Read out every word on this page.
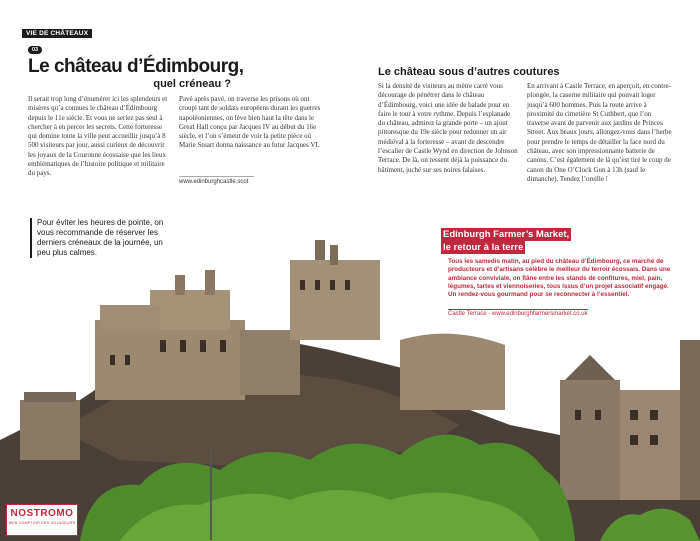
VIE DE CHÂTEAUX
03
Le château d’Édimbourg,
quel créneau ?
Il serait trop long d’énumérer ici les splendeurs et misères qu’a connues le château d’Édimbourg depuis le 11e siècle. Et vous ne seriez pas seul à chercher à en percer les secrets. Cette forteresse qui domine toute la ville peut accueillir jusqu’à 8 500 visiteurs par jour, aussi curieux de découvrir les joyaux de la Couronne écossaise que les lieux emblématiques de l’histoire politique et militaire du pays.
Pavé après pavé, on traverse les prisons où ont croupi tant de soldats européens durant les guerres napoléoniennes, on lève bien haut la tête dans le Great Hall conçu par Jacques IV au début du 16e siècle, et l’on s’émeut de voir la petite pièce où Marie Stuart donna naissance au futur Jacques VI.
www.edinburghcastle.scot
Pour éviter les heures de pointe, on vous recommande de réserver les derniers créneaux de la journée, un peu plus calmes.
Le château sous d’autres coutures
Si la densité de visiteurs au mètre carré vous décourage de pénétrer dans le château d’Édimbourg, voici une idée de balade pour en faire le tour à votre rythme. Depuis l’esplanade du château, admirez la grande porte – un ajout pittoresque du 19e siècle pour redonner un air médiéval à la forteresse – avant de descendre l’escalier de Castle Wynd en direction de Johnson Terrace. De là, on ressent déjà la puissance du bâtiment, juché sur ses noires falaises.
En arrivant à Castle Terrace, en aperçoit, en contre-plongée, la caserne militaire qui pouvait loger jusqu’à 600 hommes. Puis la route arrive à proximité du cimetière St Cuthbert, que l’on traverse avant de parvenir aux jardins de Princes Street. Aux beaux jours, allongez-vous dans l’herbe pour prendre le temps de détailler la face nord du château, avec son impressionnante batterie de canons. C’est également de là qu’est tiré le coup de canon du One O’Clock Gun à 13h (sauf le dimanche). Tendez l’oreille !
Edinburgh Farmer’s Market,
le retour à la terre
Tous les samedis matin, au pied du château d’Édimbourg, ce marché de producteurs et d’artisans célèbre le meilleur du terroir écossais. Dans une ambiance conviviale, on flâne entre les stands de confitures, miel, pain, légumes, tartes et viennoiseries, tous issus d’un projet associatif engagé. Un rendez-vous gourmand pour se reconnecter à l’essentiel.
Castle Terrace - www.edinburghfarmersmarket.co.uk
NOSTROMO
WEB COMPTOIR DES VOYAGEURS
